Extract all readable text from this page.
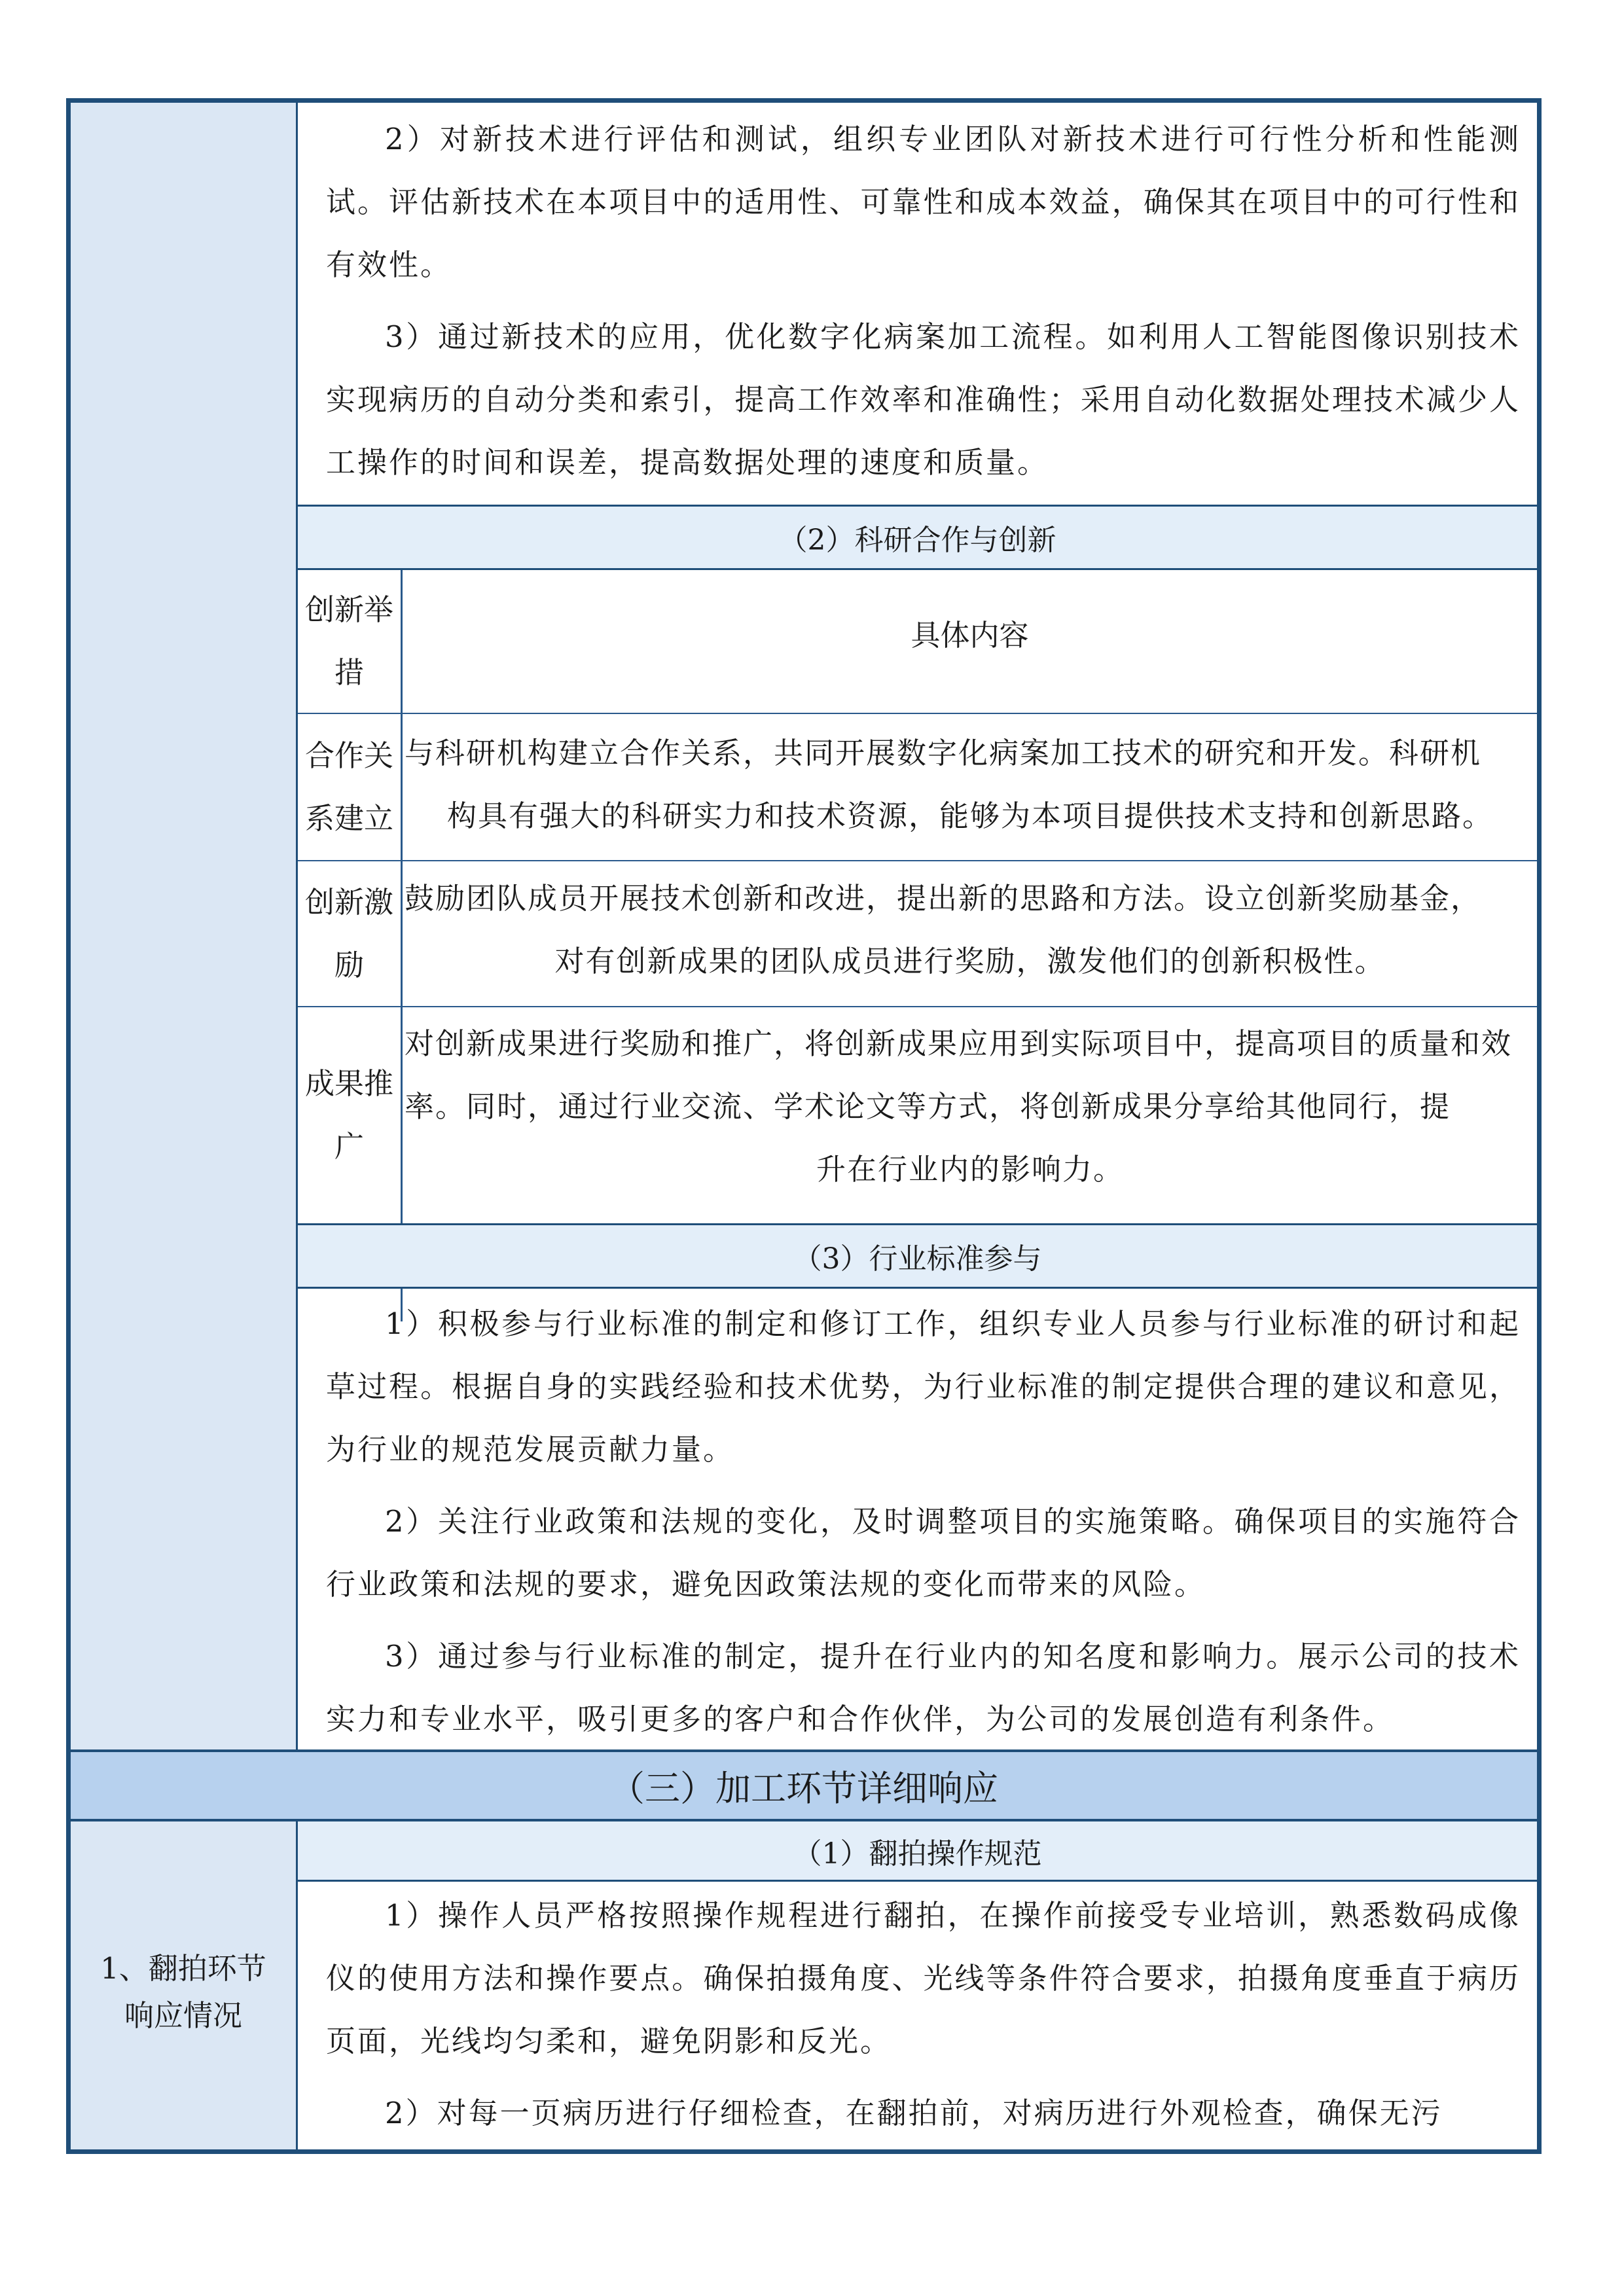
2）对新技术进行评估和测试，组织专业团队对新技术进行可行性分析和性能测试。评估新技术在本项目中的适用性、可靠性和成本效益，确保其在项目中的可行性和有效性。

3）通过新技术的应用，优化数字化病案加工流程。如利用人工智能图像识别技术实现病历的自动分类和索引，提高工作效率和准确性；采用自动化数据处理技术减少人工操作的时间和误差，提高数据处理的速度和质量。

（2）科研合作与创新
创新举措
具体内容
合作关系建立
与科研机构建立合作关系，共同开展数字化病案加工技术的研究和开发。科研机
构具有强大的科研实力和技术资源，能够为本项目提供技术支持和创新思路。
创新激励
鼓励团队成员开展技术创新和改进，提出新的思路和方法。设立创新奖励基金，
对有创新成果的团队成员进行奖励，激发他们的创新积极性。
成果推广
对创新成果进行奖励和推广，将创新成果应用到实际项目中，提高项目的质量和效率。同时，通过行业交流、学术论文等方式，将创新成果分享给其他同行，提
升在行业内的影响力。
（3）行业标准参与

1）积极参与行业标准的制定和修订工作，组织专业人员参与行业标准的研讨和起草过程。根据自身的实践经验和技术优势，为行业标准的制定提供合理的建议和意见，为行业的规范发展贡献力量。

2）关注行业政策和法规的变化，及时调整项目的实施策略。确保项目的实施符合行业政策和法规的要求，避免因政策法规的变化而带来的风险。

3）通过参与行业标准的制定，提升在行业内的知名度和影响力。展示公司的技术实力和专业水平，吸引更多的客户和合作伙伴，为公司的发展创造有利条件。

（三）加工环节详细响应
1、翻拍环节响应情况
（1）翻拍操作规范

1）操作人员严格按照操作规程进行翻拍，在操作前接受专业培训，熟悉数码成像仪的使用方法和操作要点。确保拍摄角度、光线等条件符合要求，拍摄角度垂直于病历页面，光线均匀柔和，避免阴影和反光。

2）对每一页病历进行仔细检查，在翻拍前，对病历进行外观检查，确保无污
